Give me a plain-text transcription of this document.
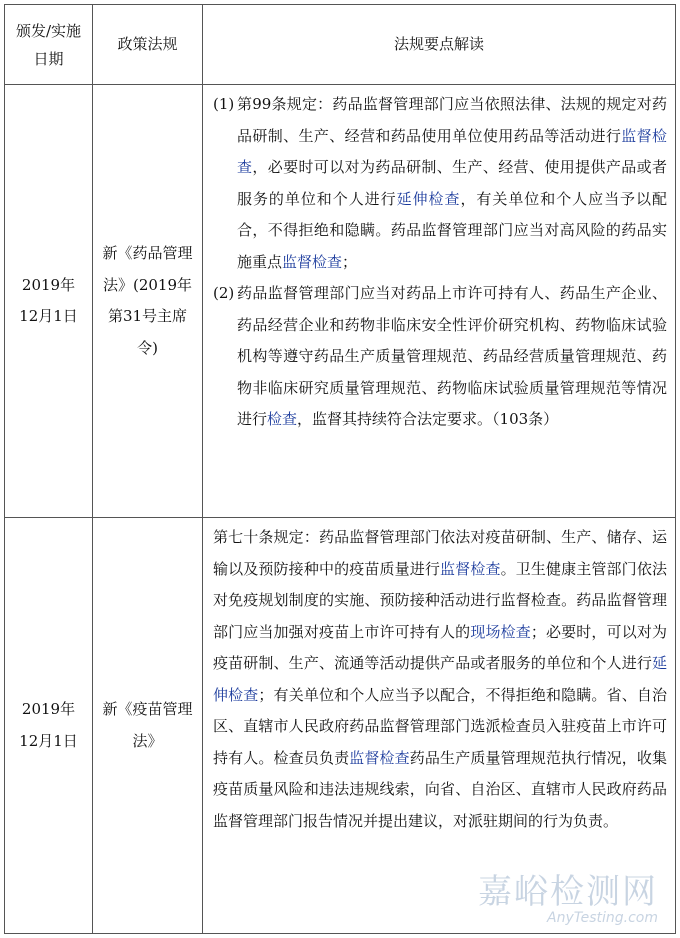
颁发/实施日期	政策法规	法规要点解读
2019年12月1日	新《药品管理法》(2019年第31号主席令)	(1) 第99条规定：药品监督管理部门应当依照法律、法规的规定对药品研制、生产、经营和药品使用单位使用药品等活动进行监督检查，必要时可以对为药品研制、生产、经营、使用提供产品或者服务的单位和个人进行延伸检查，有关单位和个人应当予以配合，不得拒绝和隐瞒。药品监督管理部门应当对高风险的药品实施重点监督检查；
(2) 药品监督管理部门应当对药品上市许可持有人、药品生产企业、药品经营企业和药物非临床安全性评价研究机构、药物临床试验机构等遵守药品生产质量管理规范、药品经营质量管理规范、药物非临床研究质量管理规范、药物临床试验质量管理规范等情况进行检查，监督其持续符合法定要求。（103条）

2019年12月1日	新《疫苗管理法》	第七十条规定：药品监督管理部门依法对疫苗研制、生产、储存、运输以及预防接种中的疫苗质量进行监督检查。卫生健康主管部门依法对免疫规划制度的实施、预防接种活动进行监督检查。药品监督管理部门应当加强对疫苗上市许可持有人的现场检查；必要时，可以对为疫苗研制、生产、流通等活动提供产品或者服务的单位和个人进行延伸检查；有关单位和个人应当予以配合，不得拒绝和隐瞒。省、自治区、直辖市人民政府药品监督管理部门选派检查员入驻疫苗上市许可持有人。检查员负责监督检查药品生产质量管理规范执行情况，收集疫苗质量风险和违法违规线索，向省、自治区、直辖市人民政府药品监督管理部门报告情况并提出建议，对派驻期间的行为负责。
嘉峪检测网
AnyTesting.com
